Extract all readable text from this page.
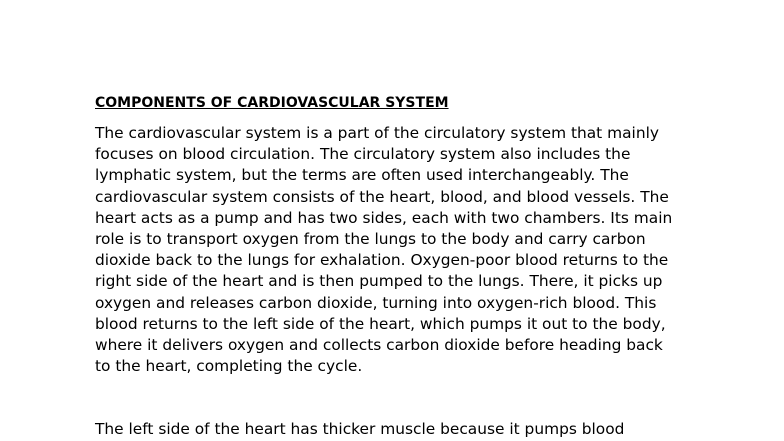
COMPONENTS OF CARDIOVASCULAR SYSTEM

The cardiovascular system is a part of the circulatory system that mainly
focuses on blood circulation. The circulatory system also includes the
lymphatic system, but the terms are often used interchangeably. The
cardiovascular system consists of the heart, blood, and blood vessels. The
heart acts as a pump and has two sides, each with two chambers. Its main
role is to transport oxygen from the lungs to the body and carry carbon
dioxide back to the lungs for exhalation. Oxygen-poor blood returns to the
right side of the heart and is then pumped to the lungs. There, it picks up
oxygen and releases carbon dioxide, turning into oxygen-rich blood. This
blood returns to the left side of the heart, which pumps it out to the body,
where it delivers oxygen and collects carbon dioxide before heading back
to the heart, completing the cycle.

The left side of the heart has thicker muscle because it pumps blood
